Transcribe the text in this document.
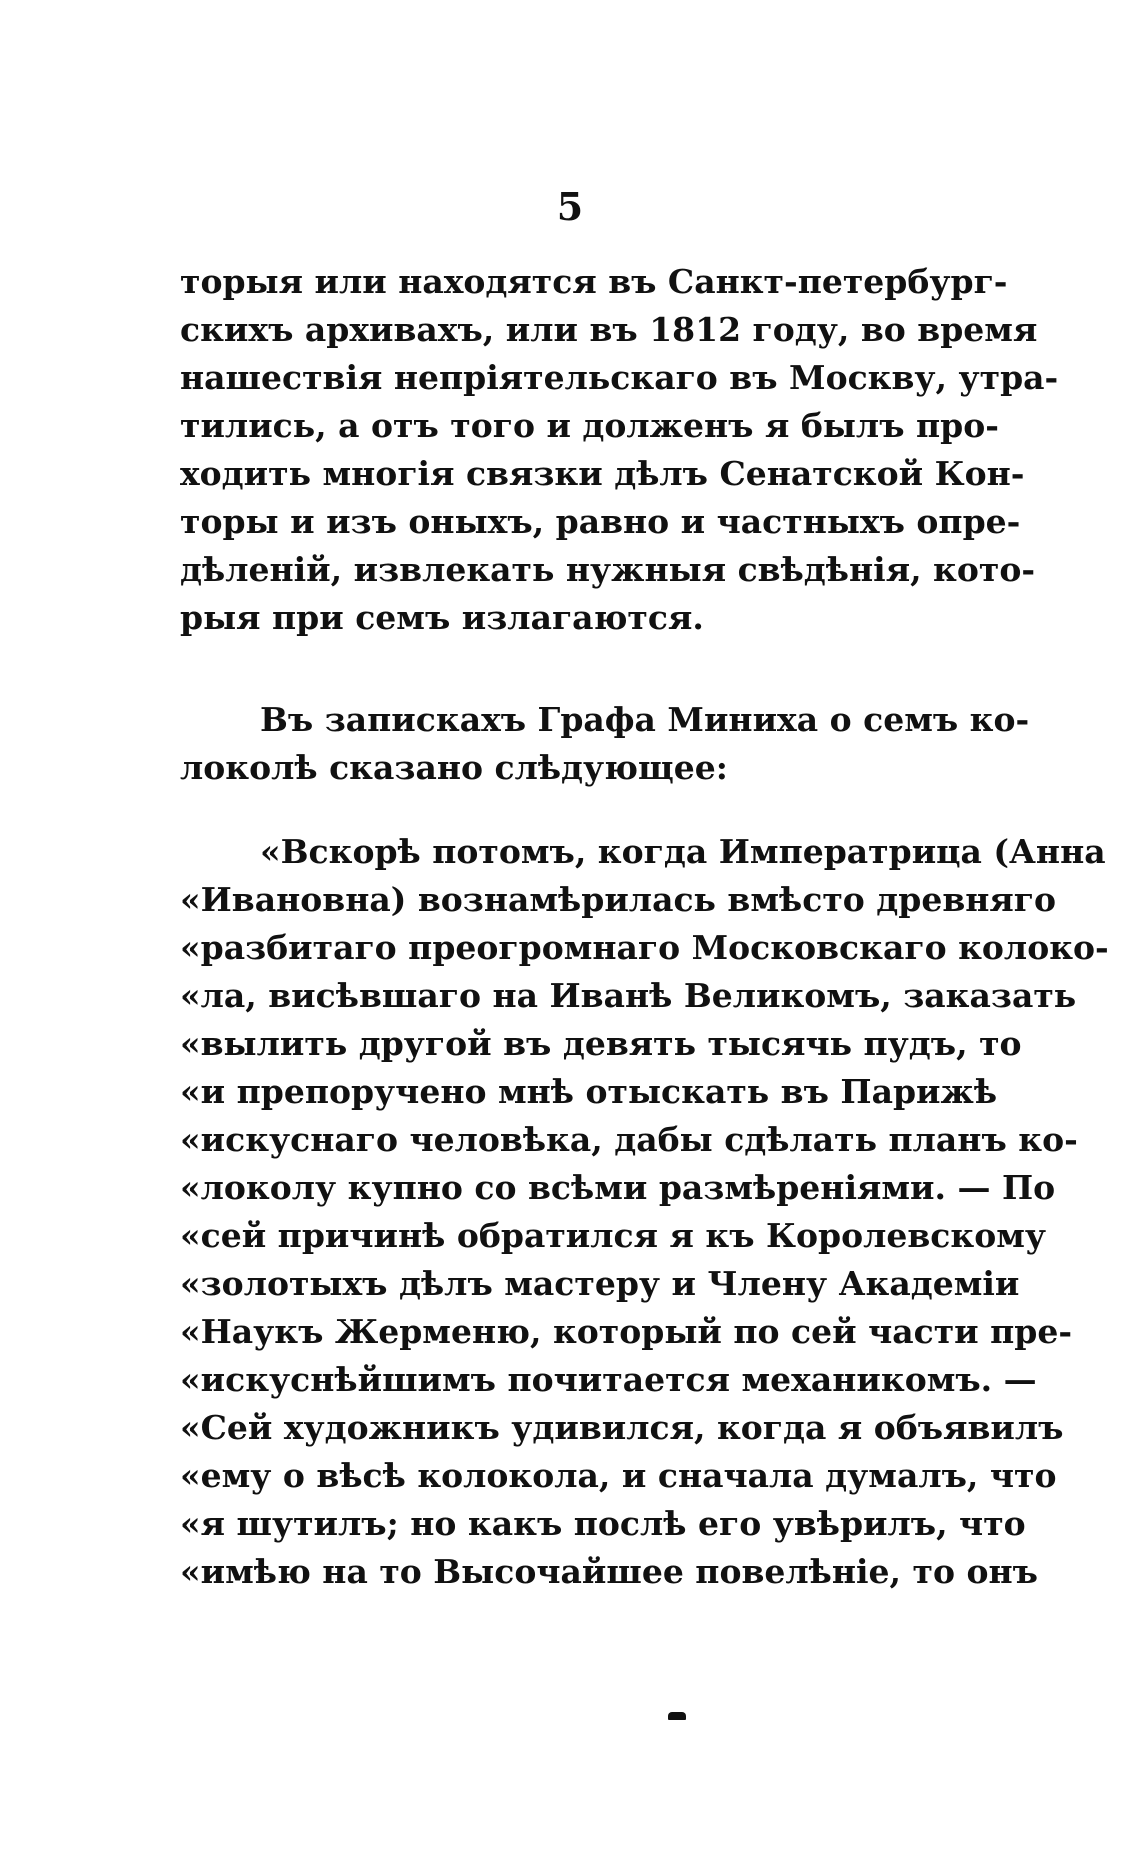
5
торыя или находятся въ Санкт-петербург-
скихъ архивахъ, или въ 1812 году, во время
нашествія непріятельскаго въ Москву, утра-
тились, а отъ того и долженъ я былъ про-
ходить многія связки дѣлъ Сенатской Кон-
торы и изъ оныхъ, равно и частныхъ опре-
дѣленій, извлекать нужныя свѣдѣнія, кото-
рыя при семъ излагаются.
Въ запискахъ Графа Миниха о семъ ко-
локолѣ сказано слѣдующее:
«Вскорѣ потомъ, когда Императрица (Анна
«Ивановна) вознамѣрилась вмѣсто древняго
«разбитаго преогромнаго Московскаго колоко-
«ла, висѣвшаго на Иванѣ Великомъ, заказать
«вылить другой въ девять тысячь пудъ, то
«и препоручено мнѣ отыскать въ Парижѣ
«искуснаго человѣка, дабы сдѣлать планъ ко-
«локолу купно со всѣми размѣреніями. — По
«сей причинѣ обратился я къ Королевскому
«золотыхъ дѣлъ мастеру и Члену Академіи
«Наукъ Жерменю, который по сей части пре-
«искуснѣйшимъ почитается механикомъ. —
«Сей художникъ удивился, когда я объявилъ
«ему о вѣсѣ колокола, и сначала думалъ, что
«я шутилъ; но какъ послѣ его увѣрилъ, что
«имѣю на то Высочайшее повелѣніе, то онъ
